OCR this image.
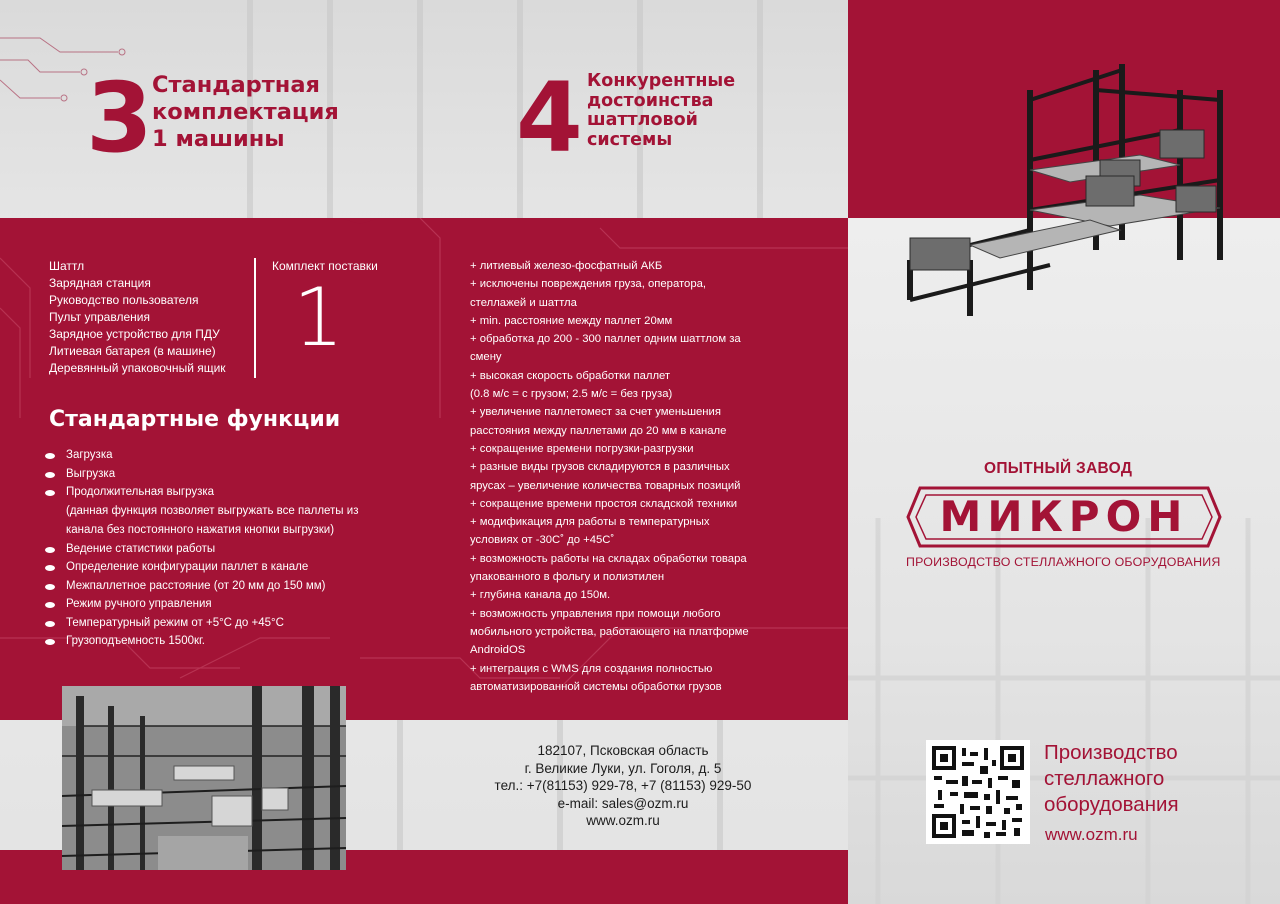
3 Стандартная
комплектация
1 машины	4 Конкурентные
достоинства
шаттловой
системы
Шаттл
Зарядная станция
Руководство пользователя
Пульт управления
Зарядное устройство для ПДУ
Литиевая батарея (в машине)
Деревянный упаковочный ящик
Комплект поставки
1
Стандартные функции
Загрузка
Выгрузка
Продолжительная выгрузка
(данная функция позволяет выгружать все паллеты из
канала без постоянного нажатия кнопки выгрузки)
Ведение статистики работы
Определение конфигурации паллет в канале
Межпаллетное расстояние (от 20 мм до 150 мм)
Режим ручного управления
Температурный режим от +5°С до +45°С
Грузоподъемность 1500кг.
+ литиевый железо-фосфатный АКБ
+ исключены повреждения груза, оператора,
стеллажей и шаттла
+ min. расстояние между паллет 20мм
+ обработка до 200 - 300 паллет одним шаттлом за
смену
+ высокая скорость обработки паллет
(0.8 м/с = с грузом; 2.5 м/с = без груза)
+ увеличение паллетомест за счет уменьшения
расстояния между паллетами до 20 мм в канале
+ сокращение времени погрузки-разгрузки
+ разные виды грузов складируются в различных
ярусах – увеличение количества товарных позиций
+ сокращение времени простоя складской техники
+ модификация для работы в температурных
условиях от -30С˚ до +45С˚
+ возможность работы на складах обработки товара
упакованного в фольгу и полиэтилен
+ глубина канала до 150м.
+ возможность управления при помощи любого
мобильного устройства, работающего на платформе
AndroidOS
+ интеграция с WMS для создания полностью
автоматизированной системы обработки грузов
182107, Псковская область
г. Великие Луки, ул. Гоголя, д. 5
тел.: +7(81153) 929-78, +7 (81153) 929-50
e-mail: sales@ozm.ru
www.ozm.ru
ОПЫТНЫЙ ЗАВОД
МИКРОН
ПРОИЗВОДСТВО СТЕЛЛАЖНОГО ОБОРУДОВАНИЯ
Производство
стеллажного
оборудования
www.ozm.ru
